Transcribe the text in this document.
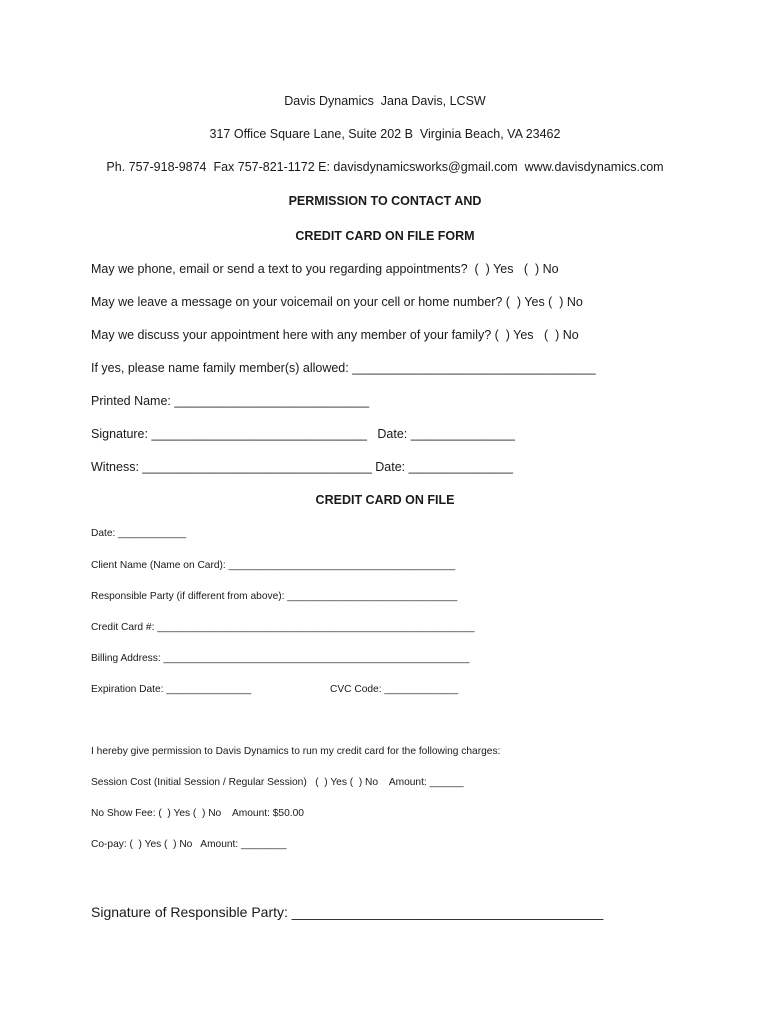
Davis Dynamics  Jana Davis, LCSW
317 Office Square Lane, Suite 202 B  Virginia Beach, VA 23462
Ph. 757-918-9874  Fax 757-821-1172 E: davisdynamicsworks@gmail.com  www.davisdynamics.com
PERMISSION TO CONTACT AND
CREDIT CARD ON FILE FORM
May we phone, email or send a text to you regarding appointments?  (  ) Yes   (  ) No
May we leave a message on your voicemail on your cell or home number? (  ) Yes (  ) No
May we discuss your appointment here with any member of your family? (  ) Yes   (  ) No
If yes, please name family member(s) allowed: ___________________________________
Printed Name: ____________________________
Signature: _______________________________   Date: _______________
Witness: _________________________________ Date: _______________
CREDIT CARD ON FILE
Date: ____________
Client Name (Name on Card): ________________________________________
Responsible Party (if different from above): ______________________________
Credit Card #: ________________________________________________________
Billing Address: ______________________________________________________
Expiration Date: _______________	CVC Code: _____________
I hereby give permission to Davis Dynamics to run my credit card for the following charges:
Session Cost (Initial Session / Regular Session)   (  ) Yes (  ) No    Amount: ______
No Show Fee: (  ) Yes (  ) No    Amount: $50.00
Co-pay: (  ) Yes (  ) No   Amount: ________
Signature of Responsible Party: ________________________________________
